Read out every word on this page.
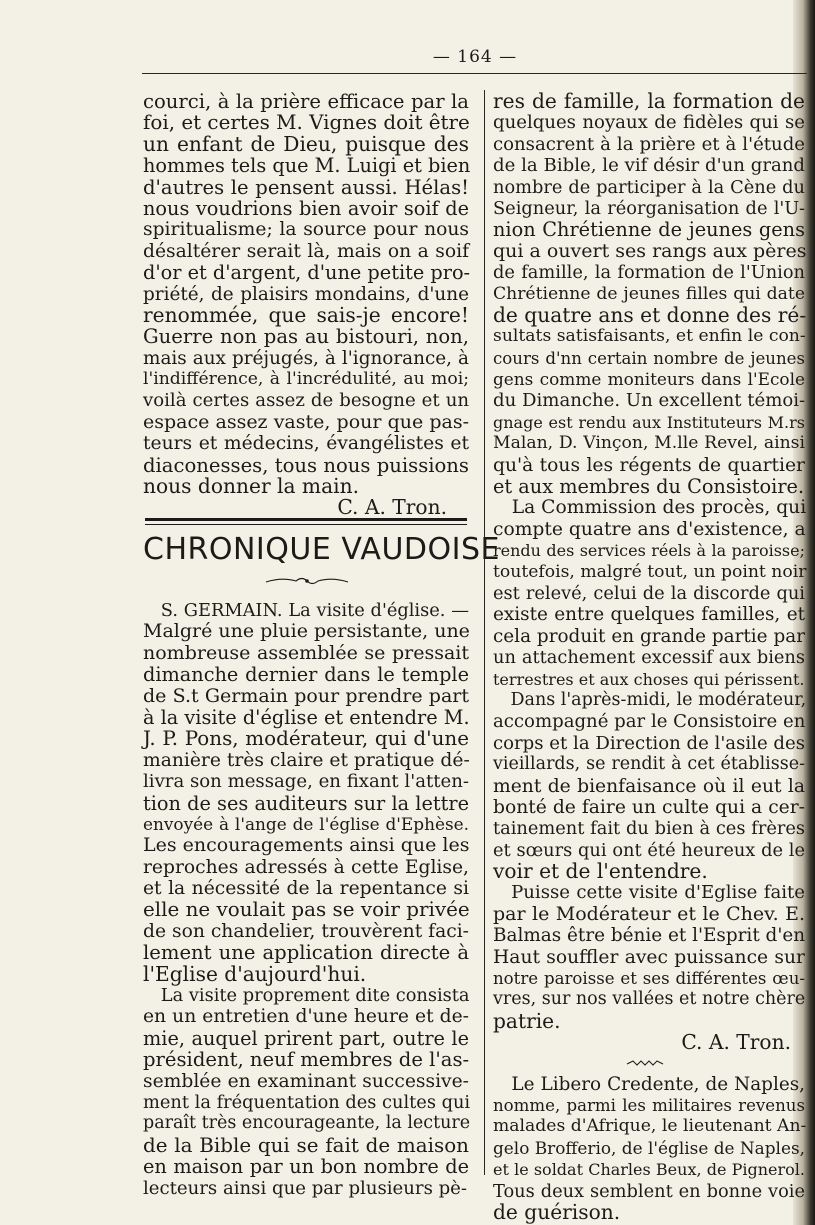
— 164 —
courci, à la prière efficace par la
foi, et certes M. Vignes doit être
un enfant de Dieu, puisque des
hommes tels que M. Luigi et bien
d'autres le pensent aussi. Hélas!
nous voudrions bien avoir soif de
spiritualisme; la source pour nous
désaltérer serait là, mais on a soif
d'or et d'argent, d'une petite pro-
priété, de plaisirs mondains, d'une
renommée, que sais-je encore!
Guerre non pas au bistouri, non,
mais aux préjugés, à l'ignorance, à
l'indifférence, à l'incrédulité, au moi;
voilà certes assez de besogne et un
espace assez vaste, pour que pas-
teurs et médecins, évangélistes et
diaconesses, tous nous puissions
nous donner la main.
C. A. Tron.
CHRONIQUE VAUDOISE
S. GERMAIN. La visite d'église. —
Malgré une pluie persistante, une
nombreuse assemblée se pressait
dimanche dernier dans le temple
de S.t Germain pour prendre part
à la visite d'église et entendre M.
J. P. Pons, modérateur, qui d'une
manière très claire et pratique dé-
livra son message, en fixant l'atten-
tion de ses auditeurs sur la lettre
envoyée à l'ange de l'église d'Ephèse.
Les encouragements ainsi que les
reproches adressés à cette Eglise,
et la nécessité de la repentance si
elle ne voulait pas se voir privée
de son chandelier, trouvèrent faci-
lement une application directe à
l'Eglise d'aujourd'hui.
La visite proprement dite consista
en un entretien d'une heure et de-
mie, auquel prirent part, outre le
président, neuf membres de l'as-
semblée en examinant successive-
ment la fréquentation des cultes qui
paraît très encourageante, la lecture
de la Bible qui se fait de maison
en maison par un bon nombre de
lecteurs ainsi que par plusieurs pè-
res de famille, la formation de
quelques noyaux de fidèles qui se
consacrent à la prière et à l'étude
de la Bible, le vif désir d'un grand
nombre de participer à la Cène du
Seigneur, la réorganisation de l'U-
nion Chrétienne de jeunes gens
qui a ouvert ses rangs aux pères
de famille, la formation de l'Union
Chrétienne de jeunes filles qui date
de quatre ans et donne des ré-
sultats satisfaisants, et enfin le con-
cours d'nn certain nombre de jeunes
gens comme moniteurs dans l'Ecole
du Dimanche. Un excellent témoi-
gnage est rendu aux Instituteurs M.rs
Malan, D. Vinçon, M.lle Revel, ainsi
qu'à tous les régents de quartier
et aux membres du Consistoire.
La Commission des procès, qui
compte quatre ans d'existence, a
rendu des services réels à la paroisse;
toutefois, malgré tout, un point noir
est relevé, celui de la discorde qui
existe entre quelques familles, et
cela produit en grande partie par
un attachement excessif aux biens
terrestres et aux choses qui périssent.
Dans l'après-midi, le modérateur,
accompagné par le Consistoire en
corps et la Direction de l'asile des
vieillards, se rendit à cet établisse-
ment de bienfaisance où il eut la
bonté de faire un culte qui a cer-
tainement fait du bien à ces frères
et sœurs qui ont été heureux de le
voir et de l'entendre.
Puisse cette visite d'Eglise faite
par le Modérateur et le Chev. E.
Balmas être bénie et l'Esprit d'en
Haut souffler avec puissance sur
notre paroisse et ses différentes œu-
vres, sur nos vallées et notre chère
patrie.
C. A. Tron.
Le Libero Credente, de Naples,
nomme, parmi les militaires revenus
malades d'Afrique, le lieutenant An-
gelo Brofferio, de l'église de Naples,
et le soldat Charles Beux, de Pignerol.
Tous deux semblent en bonne voie
de guérison.
